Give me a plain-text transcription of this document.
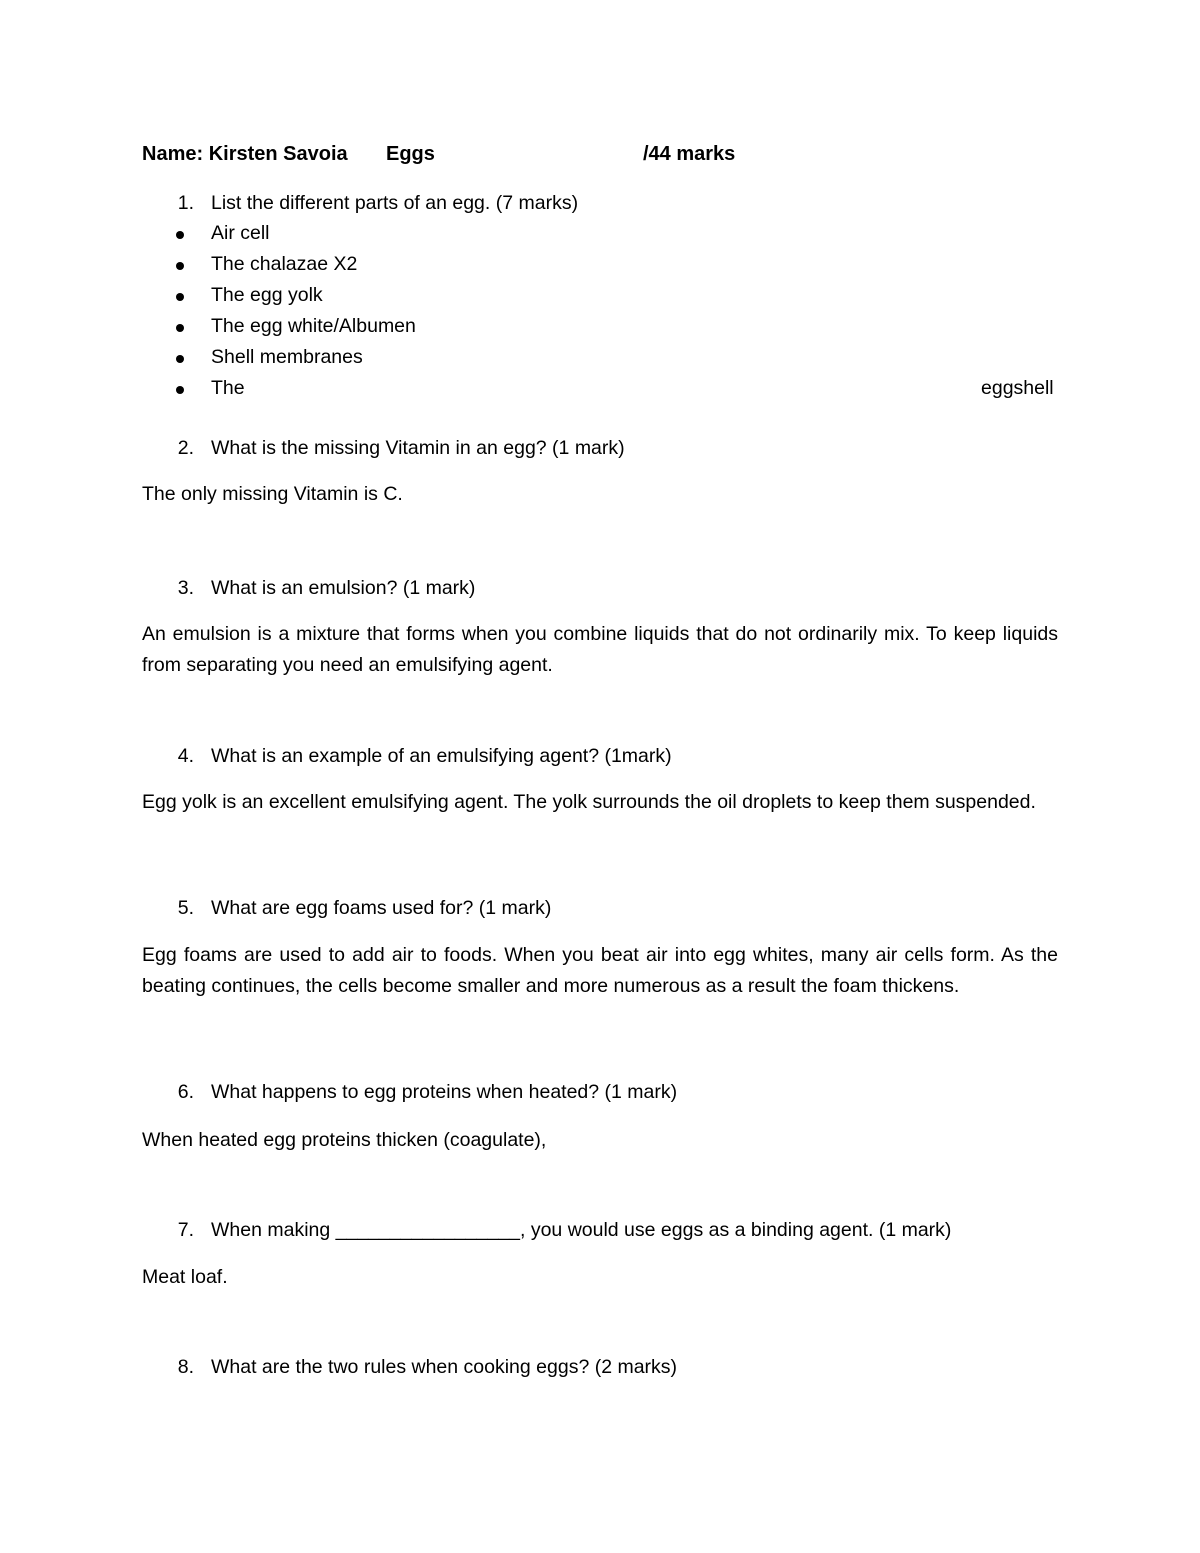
Name: Kirsten Savoia Eggs	/44 marks
1. List the different parts of an egg. (7 marks)
Air cell
The chalazae X2
The egg yolk
The egg white/Albumen
Shell membranes
The	eggshell
2. What is the missing Vitamin in an egg? (1 mark)
The only missing Vitamin is C.
3. What is an emulsion? (1 mark)
An emulsion is a mixture that forms when you combine liquids that do not ordinarily mix. To keep liquids from separating you need an emulsifying agent.
4. What is an example of an emulsifying agent? (1mark)
Egg yolk is an excellent emulsifying agent. The yolk surrounds the oil droplets to keep them suspended.
5. What are egg foams used for? (1 mark)
Egg foams are used to add air to foods. When you beat air into egg whites, many air cells form. As the beating continues, the cells become smaller and more numerous as a result the foam thickens.
6. What happens to egg proteins when heated? (1 mark)
When heated egg proteins thicken (coagulate),
7. When making _________________, you would use eggs as a binding agent. (1 mark)
Meat loaf.
8. What are the two rules when cooking eggs? (2 marks)
